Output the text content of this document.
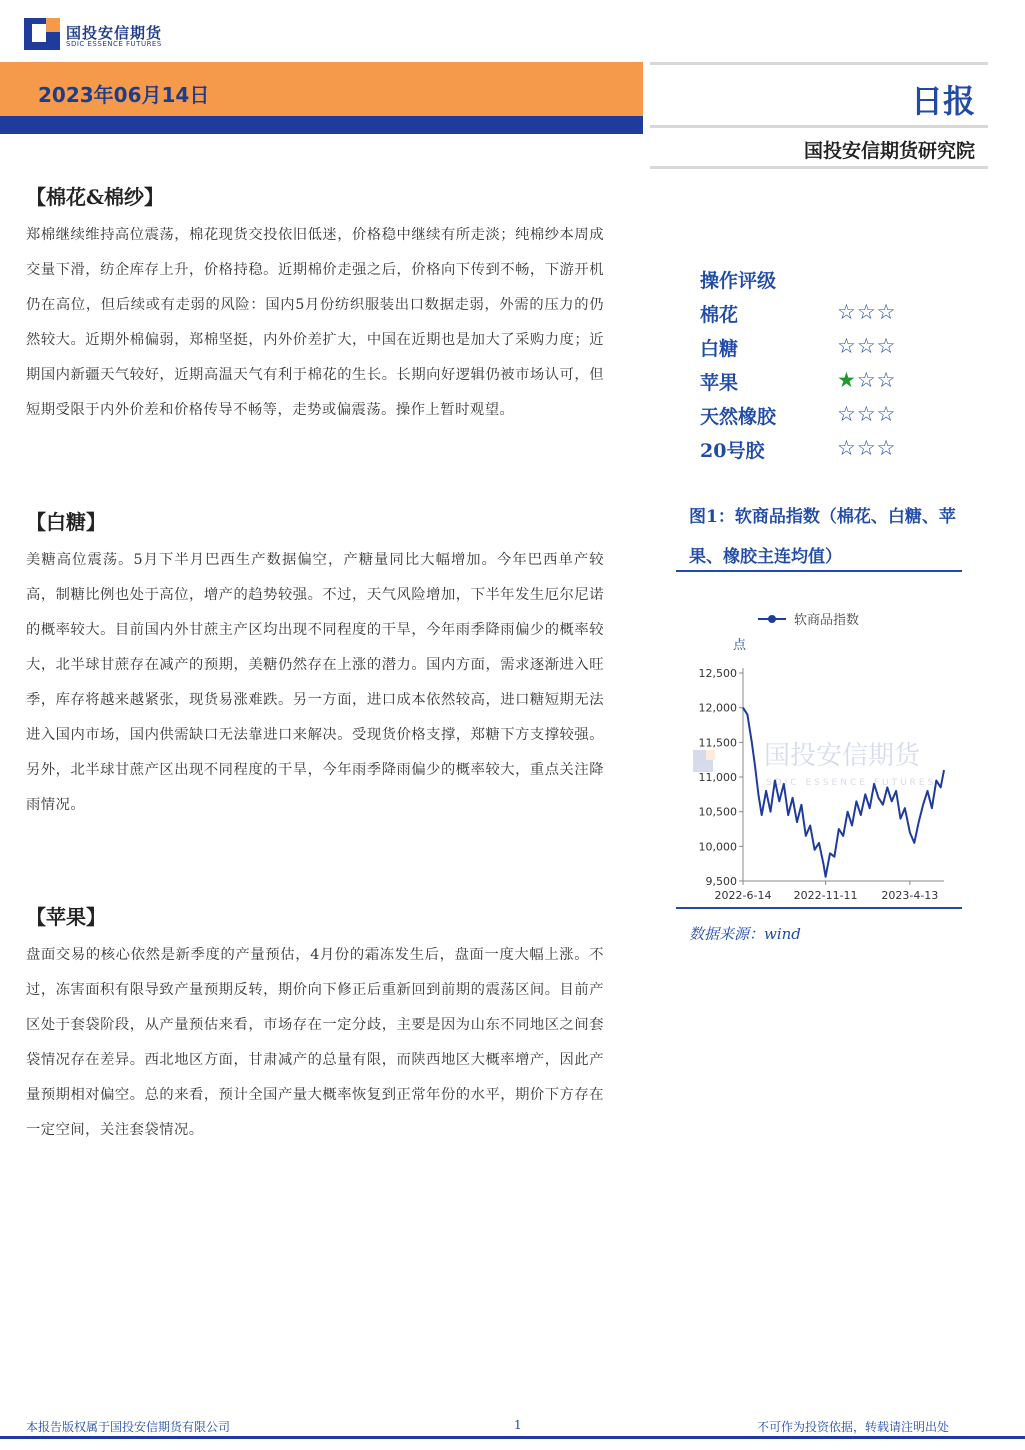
国投安信期货
SDIC ESSENCE FUTURES
2023年06月14日	日报
国投安信期货研究院
【棉花&棉纱】
郑棉继续维持高位震荡，棉花现货交投依旧低迷，价格稳中继续有所走淡；纯棉纱本周成交量下滑，纺企库存上升，价格持稳。近期棉价走强之后，价格向下传到不畅，下游开机仍在高位，但后续或有走弱的风险：国内5月份纺织服装出口数据走弱，外需的压力的仍然较大。近期外棉偏弱，郑棉坚挺，内外价差扩大，中国在近期也是加大了采购力度；近期国内新疆天气较好，近期高温天气有利于棉花的生长。长期向好逻辑仍被市场认可，但短期受限于内外价差和价格传导不畅等，走势或偏震荡。操作上暂时观望。
【白糖】
美糖高位震荡。5月下半月巴西生产数据偏空，产糖量同比大幅增加。今年巴西单产较高，制糖比例也处于高位，增产的趋势较强。不过，天气风险增加，下半年发生厄尔尼诺的概率较大。目前国内外甘蔗主产区均出现不同程度的干旱，今年雨季降雨偏少的概率较大，北半球甘蔗存在减产的预期，美糖仍然存在上涨的潜力。国内方面，需求逐渐进入旺季，库存将越来越紧张，现货易涨难跌。另一方面，进口成本依然较高，进口糖短期无法进入国内市场，国内供需缺口无法靠进口来解决。受现货价格支撑，郑糖下方支撑较强。另外，北半球甘蔗产区出现不同程度的干旱，今年雨季降雨偏少的概率较大，重点关注降雨情况。
【苹果】
盘面交易的核心依然是新季度的产量预估，4月份的霜冻发生后，盘面一度大幅上涨。不过，冻害面积有限导致产量预期反转，期价向下修正后重新回到前期的震荡区间。目前产区处于套袋阶段，从产量预估来看，市场存在一定分歧，主要是因为山东不同地区之间套袋情况存在差异。西北地区方面，甘肃减产的总量有限，而陕西地区大概率增产，因此产量预期相对偏空。总的来看，预计全国产量大概率恢复到正常年份的水平，期价下方存在一定空间，关注套袋情况。
操作评级
棉花	☆☆☆
白糖	☆☆☆
苹果	★☆☆
天然橡胶	☆☆☆
20号胶	☆☆☆
图1：软商品指数（棉花、白糖、苹果、橡胶主连均值）
软商品指数
点
国投安信期货
SDIC ESSENCE FUTURES
12,500
12,000
11,500
11,000
10,500
10,000
9,500
2022-6-14 2022-11-11 2023-4-13
数据来源：wind
本报告版权属于国投安信期货有限公司	1	不可作为投资依据，转载请注明出处
